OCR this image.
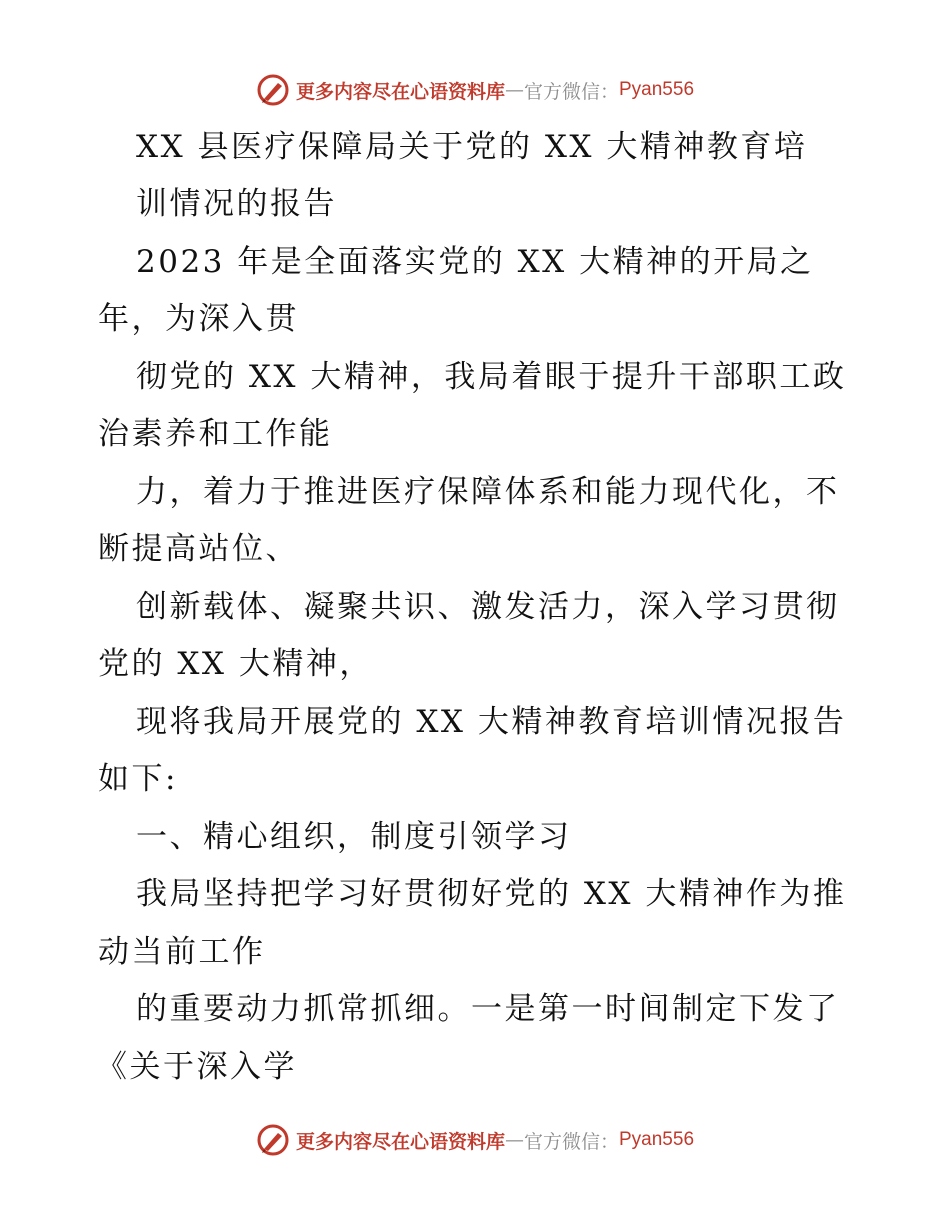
更多内容尽在心语资料库 — 官方微信： Pyan556
XX 县医疗保障局关于党的 XX 大精神教育培
训情况的报告
2023 年是全面落实党的 XX 大精神的开局之
年，为深入贯
彻党的 XX 大精神，我局着眼于提升干部职工政
治素养和工作能
力，着力于推进医疗保障体系和能力现代化，不
断提高站位、
创新载体、凝聚共识、激发活力，深入学习贯彻
党的 XX 大精神，
现将我局开展党的 XX 大精神教育培训情况报告
如下:
一、精心组织，制度引领学习
我局坚持把学习好贯彻好党的 XX 大精神作为推
动当前工作
的重要动力抓常抓细。一是第一时间制定下发了
《关于深入学
更多内容尽在心语资料库 — 官方微信： Pyan556
